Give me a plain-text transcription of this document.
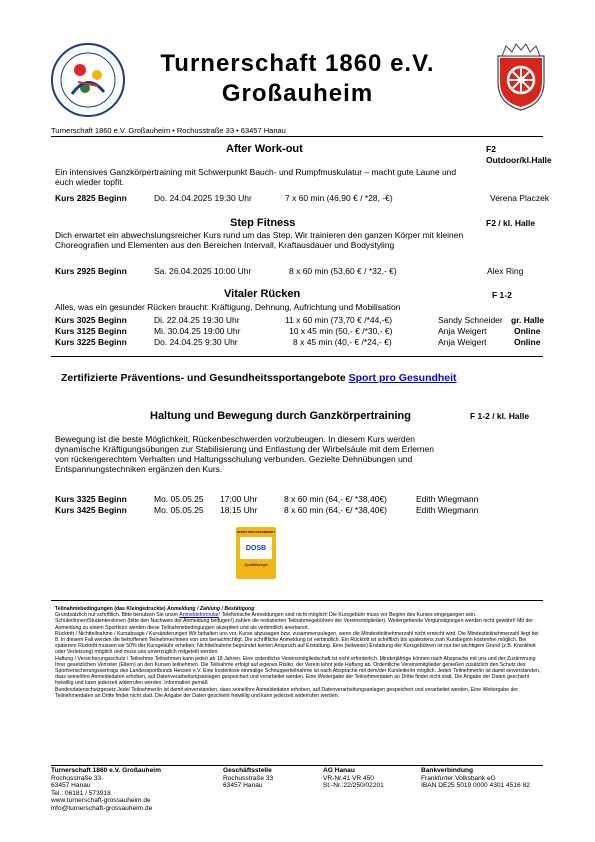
Turnerschaft 1860 e.V.
Großauheim
Turnerschaft 1860 e.V. Großauheim • Rochusstraße 33 • 63457 Hanau
After Work-out	F2
Outdoor/kl.Halle
Ein intensives Ganzkörpertraining mit Schwerpunkt Bauch- und Rumpfmuskulatur – macht gute Laune und euch wieder topfit.
Kurs 2825 Beginn	Do. 24.04.2025 19:30 Uhr	7 x 60 min (46,90 € / *28, -€)	Verena Placzek
Step Fitness	F2 / kl. Halle
Dich erwartet ein abwechslungsreicher Kurs rund um das Step. Wir trainieren den ganzen Körper mit kleinen Choreografien und Elementen aus den Bereichen Intervall, Kraftausdauer und Bodystyling
Kurs 2925 Beginn	Sa. 26.04.2025 10:00 Uhr	8 x 60 min (53,60 € / *32,- €)	Alex Ring
Vitaler Rücken	F 1-2
Alles, was ein gesunder Rücken braucht: Kräftigung, Dehnung, Aufrichtung und Mobilisation
Kurs 3025 Beginn	Di. 22.04.25 19:30 Uhr	11 x 60 min (73,70 € /*44,-€)	Sandy Schneider gr. Halle
Kurs 3125 Beginn	Mi. 30.04.25 19:00 Uhr	10 x 45 min (50,- € /*30,- €)	Anja Weigert	Online
Kurs 3225 Beginn	Do. 24.04.25 9:30 Uhr	8 x 45 min (40,- € /*24,- €)	Anja Weigert	Online
Zertifizierte Präventions- und Gesundheitssportangebote Sport pro Gesundheit
Haltung und Bewegung durch Ganzkörpertraining	F 1-2 / kl. Halle
Bewegung ist die beste Möglichkeit, Rückenbeschwerden vorzubeugen. In diesem Kurs werden dynamische Kräftigungsübungen zur Stabilisierung und Entlastung der Wirbelsäule mit dem Erlernen von rückengerechtem Verhalten und Haltungsschulung verbunden. Gezielte Dehnübungen und Entspannungstechniken ergänzen den Kurs.
Kurs 3325 Beginn	Mo. 05.05.25 17:00 Uhr	8 x 60 min (64,- €/ *38,40€)	Edith Wiegmann
Kurs 3425 Beginn	Mo. 05.05.25 18:15 Uhr	8 x 60 min (64,- €/ *38,40€)	Edith Wiegmann
SPORT PRO GESUNDHEIT
DOSB
Qualitätssiegel

Teilnahmebedingungen (das Kleingedruckte) Anmeldung / Zahlung / Bestätigung

Grundsätzlich nur schriftlich. Bitte benutzen Sie unser Anmeldeformular! Telefonische Anmeldungen sind nicht möglich! Die Kursgebühr muss vor Beginn des Kurses eingegangen sein. Schüler/innen/Studenten/innen (bitte den Nachweis der Anmeldung beifügen!) zahlen die reduzierten Teilnahmegebühren der Vereinsmitglieder). Weitergehende Vergünstigungen werden nicht gewährt! Mit der Anmeldung zu einem Sportkurs werden diese Teilnahmebedingungen akzeptiert und als verbindlich anerkannt.

Rücktritt / Nichtteilnahme / Kursabsage / Kursänderungen Wir behalten uns vor, Kurse abzusagen bzw. zusammenzulegen, wenn die Mindestteilnehmerzahl nicht erreicht wird. Die Mindestteilnehmerzahl liegt bei 8. In diesem Fall werden die betroffenen Teilnehmer/innen von uns benachrichtigt. Die schriftliche Anmeldung ist verbindlich. Ein Rücktritt ist schriftlich bis spätestens zum Kursbeginn kostenfrei möglich. Bei späterem Rücktritt müssen wir 50% der Kursgebühr erheben. Nichtteilnahme begründet keinen Anspruch auf Erstattung. Eine (teilweise) Erstattung der Kursgebühren ist nur bei wichtigem Grund (z.B. Krankheit oder Verletzung) möglich und muss uns unverzüglich mitgeteilt werden.

Haftung / Versicherungsschutz / Teilnehme Teilnehmen kann jede/r ab 18 Jahren. Eine ordentliche Vereinsmitgliedschaft ist nicht erforderlich. Minderjährige können nach Absprache mit uns und der Zustimmung Ihrer gesetzlichen Vertreter (Eltern) an den Kursen teilnehmen. Die Teilnahme erfolgt auf eigenes Risiko, der Verein lehnt jede Haftung ab. Ordentliche Vereinsmitglieder genießen zusätzlich den Schutz des Sportversicherungsvertrags des Landessportbunds Hessen e.V. Eine kostenlose einmalige Schnupperteilnahme ist nach Absprache mit dem/der Kursleiter/in möglich. Jede/r Teilnehmer/in ist damit einverstanden, dass seine/ihre Anmeldedaten erhoben, auf Datenverarbeitungsanlagen gespeichert und verarbeitet werden. Eine Weitergabe der Teilnehmerdaten an Dritte findet nicht statt. Die Angabe der Daten geschieht freiwillig und kann jederzeit widerrufen werden. Information gemäß

Bundesdatenschutzgesetz Jede/ Teilnehmer/in ist damit einverstanden, dass seine/ihre Anmeldedaten erhoben, auf Datenverarbeitungsanlagen gespeichert und verarbeitet werden. Eine Weitergabe der Teilnehmerdaten an Dritte findet nicht statt. Die Angabe der Daten geschieht freiwillig und kann jederzeit widerrufen werden.

Turnerschaft 1860 e.V. Großauheim
Rochusstraße 33
63457 Hanau
Tel.: 06181 / 573918
www.turnerschaft-grossauheim.de
info@turnerschaft-grossauheim.de
Geschäftsstelle
Rochusstraße 33
63457 Hanau
AG Hanau
VR-Nr.41 VR 450
St.-Nr.:22/250/02201
Bankverbindung
Frankfurter Volksbank eG
IBAN DE25 5019 0000 4301 4516 82
